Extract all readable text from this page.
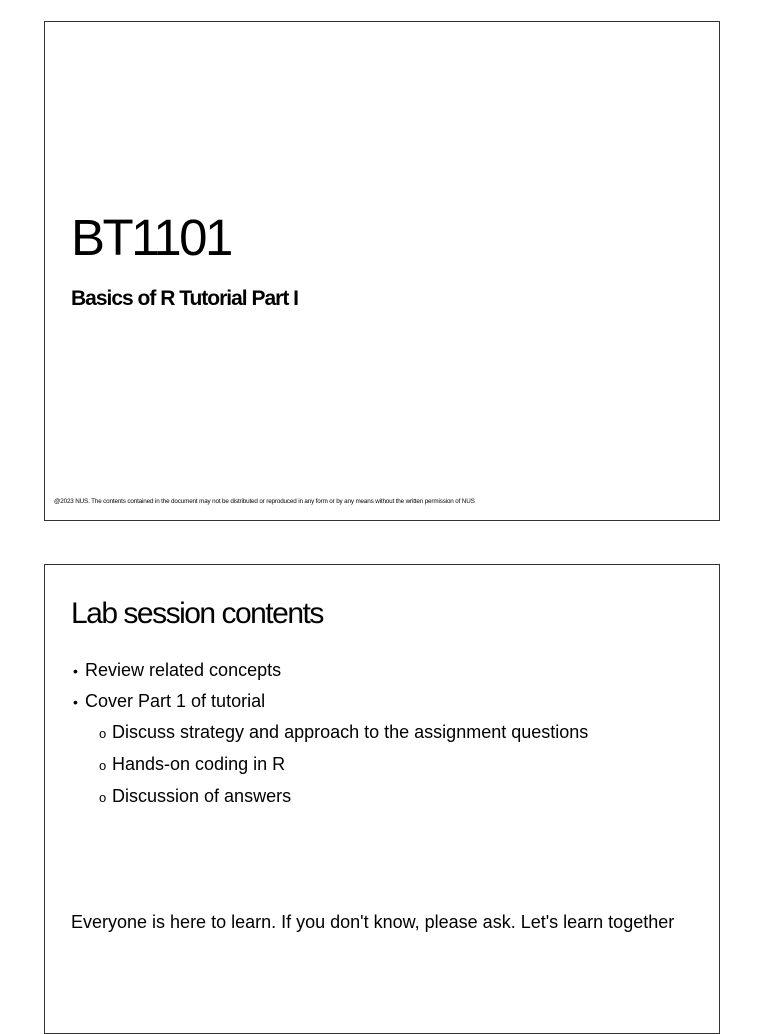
BT1101
Basics of R Tutorial Part I
@2023 NUS. The contents contained in the document may not be distributed or reproduced in any form or by any means without the written permission of NUS
Lab session contents
• Review related concepts
• Cover Part 1 of tutorial
o Discuss strategy and approach to the assignment questions
o Hands-on coding in R
o Discussion of answers
Everyone is here to learn. If you don't know, please ask. Let's learn together
